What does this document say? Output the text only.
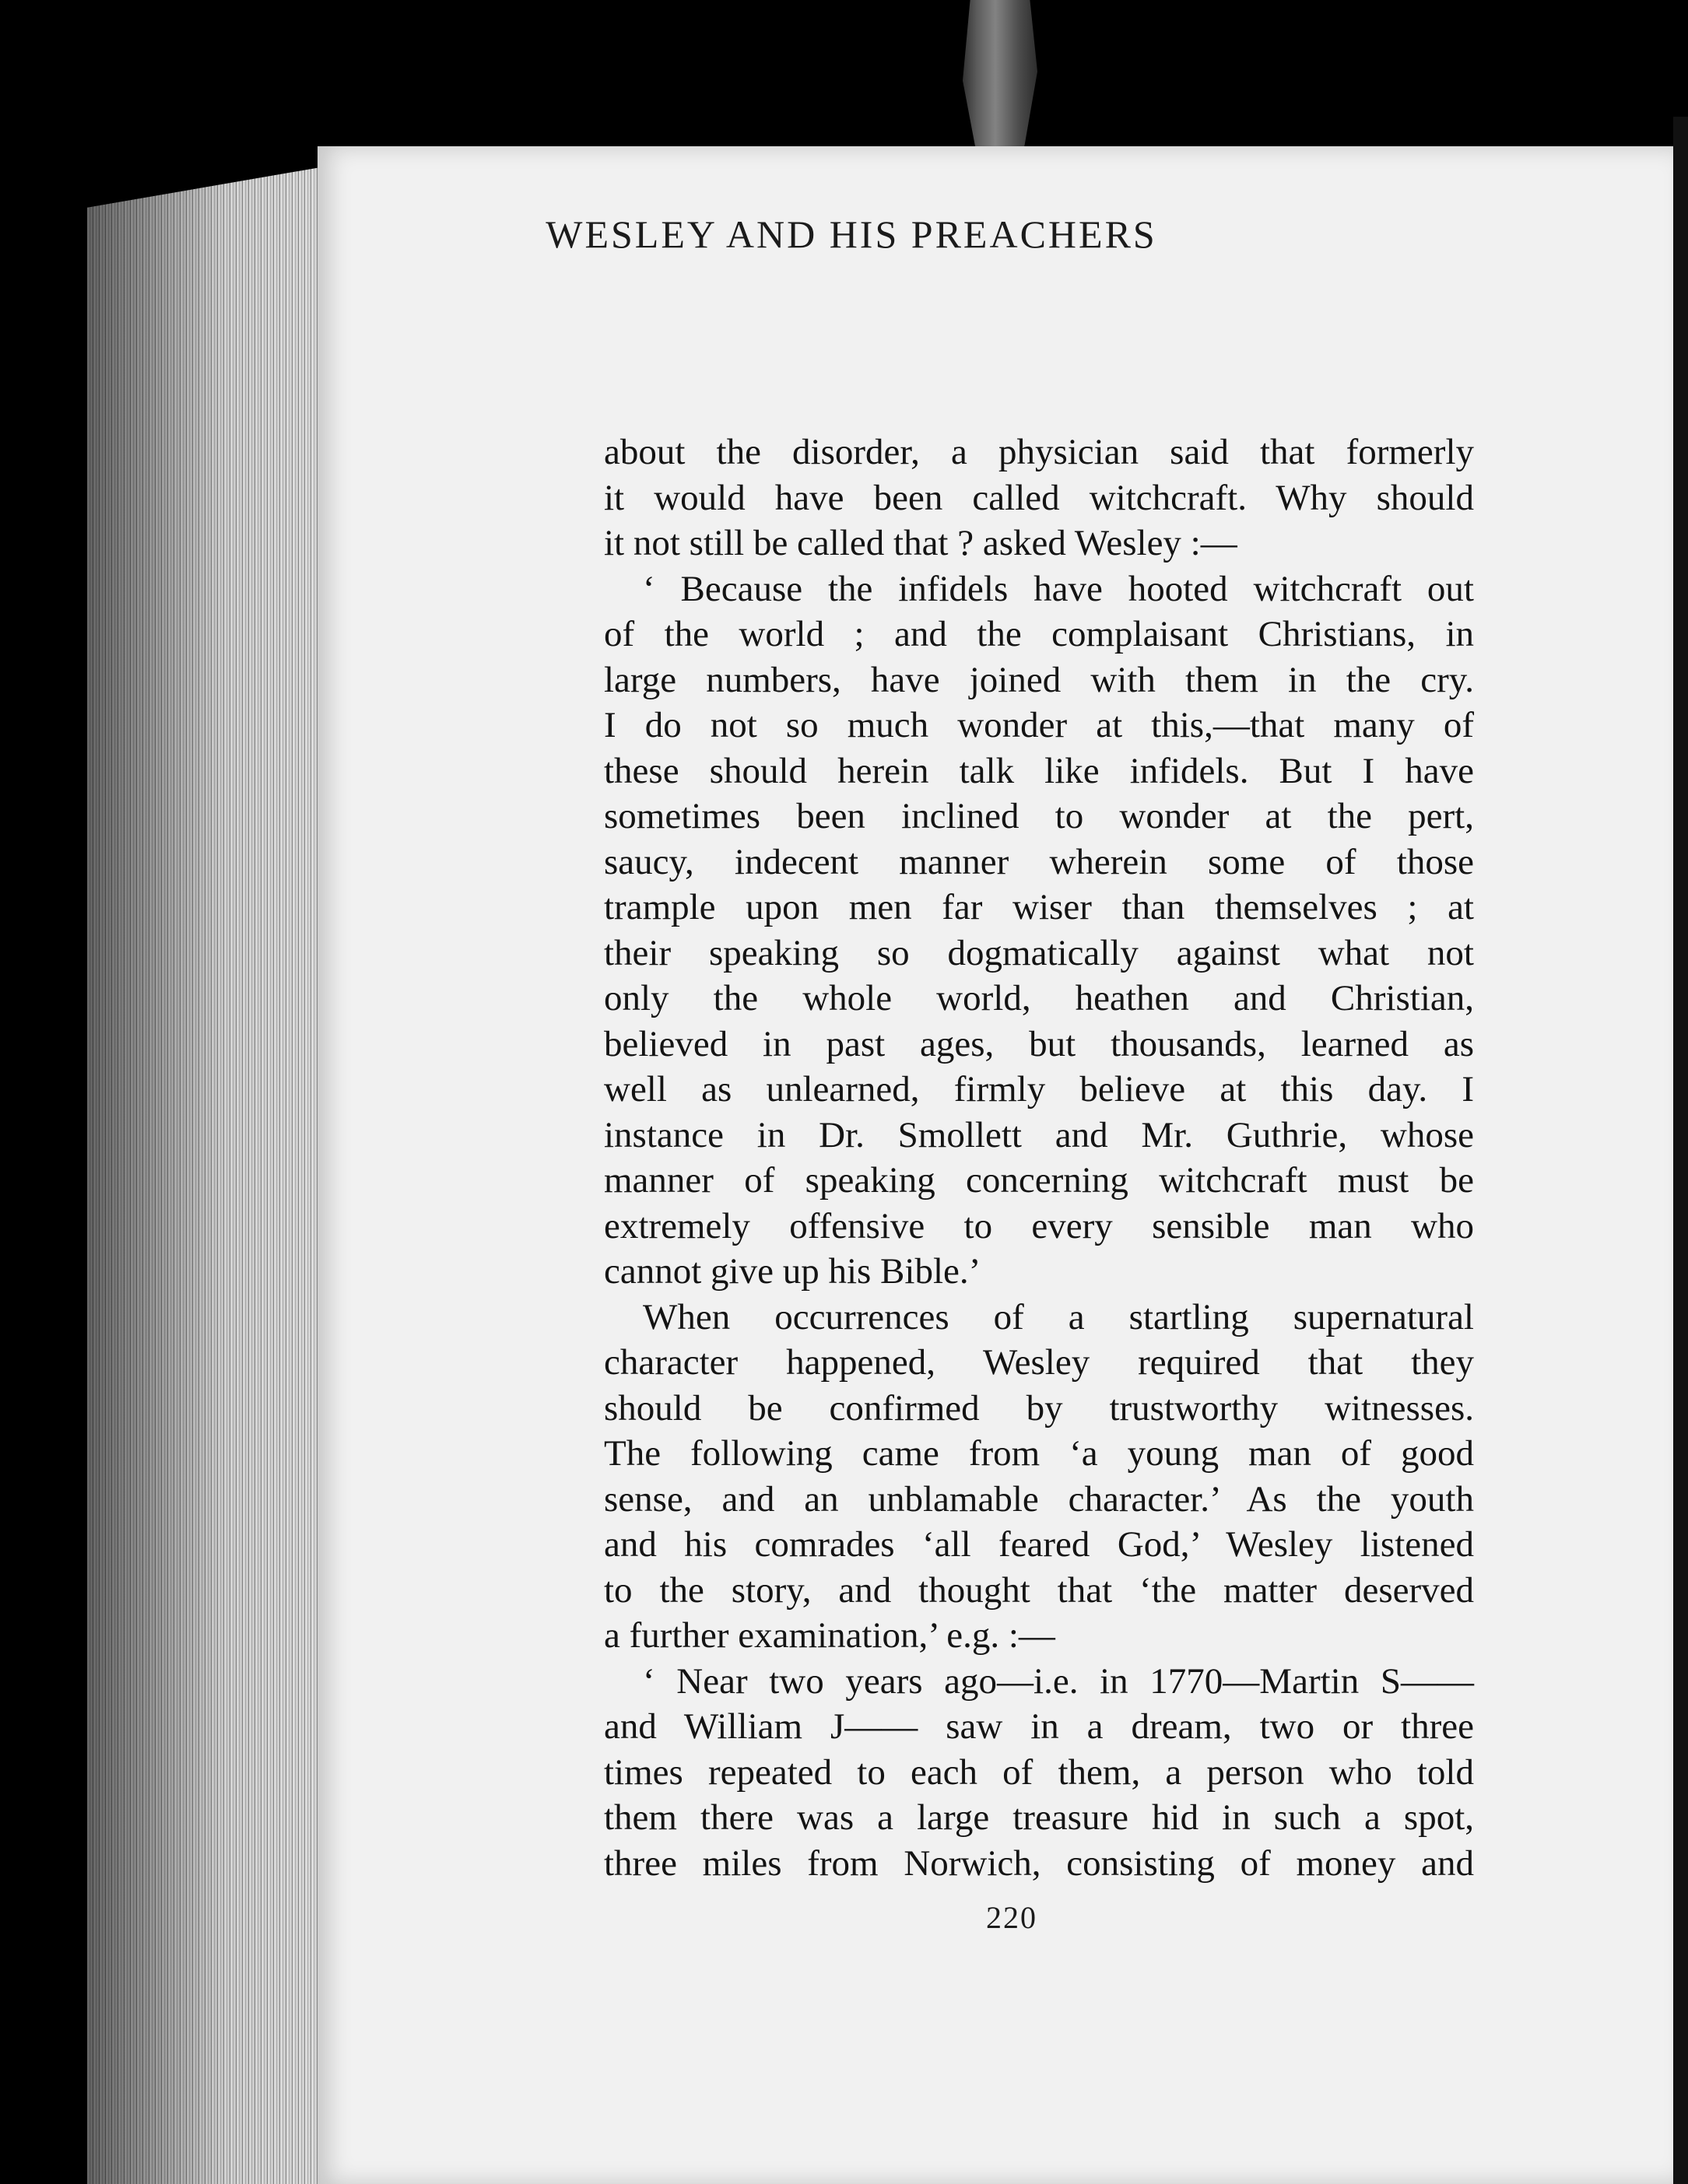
WESLEY AND HIS PREACHERS
about the disorder, a physician said that formerly
it would have been called witchcraft. Why should
it not still be called that ? asked Wesley :—
‘ Because the infidels have hooted witchcraft out
of the world ; and the complaisant Christians, in
large numbers, have joined with them in the cry.
I do not so much wonder at this,—that many of
these should herein talk like infidels. But I have
sometimes been inclined to wonder at the pert,
saucy, indecent manner wherein some of those
trample upon men far wiser than themselves ; at
their speaking so dogmatically against what not
only the whole world, heathen and Christian,
believed in past ages, but thousands, learned as
well as unlearned, firmly believe at this day. I
instance in Dr. Smollett and Mr. Guthrie, whose
manner of speaking concerning witchcraft must be
extremely offensive to every sensible man who
cannot give up his Bible.’
When occurrences of a startling supernatural
character happened, Wesley required that they
should be confirmed by trustworthy witnesses.
The following came from ‘a young man of good
sense, and an unblamable character.’ As the youth
and his comrades ‘all feared God,’ Wesley listened
to the story, and thought that ‘the matter deserved
a further examination,’ e.g. :—
‘ Near two years ago—i.e. in 1770—Martin S——
and William J—— saw in a dream, two or three
times repeated to each of them, a person who told
them there was a large treasure hid in such a spot,
three miles from Norwich, consisting of money and
220
